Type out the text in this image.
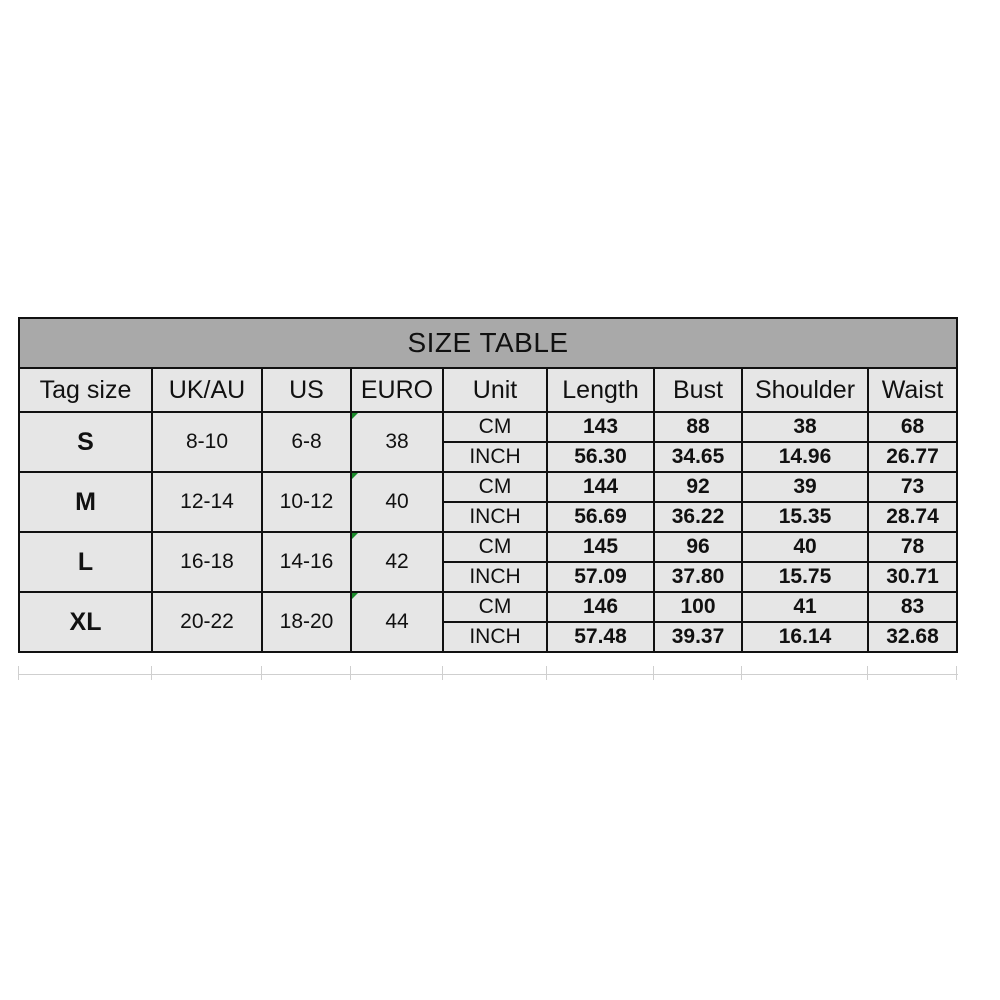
SIZE TABLE								
Tag size	UK/AU	US	EURO	Unit	Length	Bust	Shoulder	Waist
S	8-10	6-8	38	CM	143	88	38	68
				INCH	56.30	34.65	14.96	26.77
M	12-14	10-12	40	CM	144	92	39	73
				INCH	56.69	36.22	15.35	28.74
L	16-18	14-16	42	CM	145	96	40	78
				INCH	57.09	37.80	15.75	30.71
XL	20-22	18-20	44	CM	146	100	41	83
				INCH	57.48	39.37	16.14	32.68
